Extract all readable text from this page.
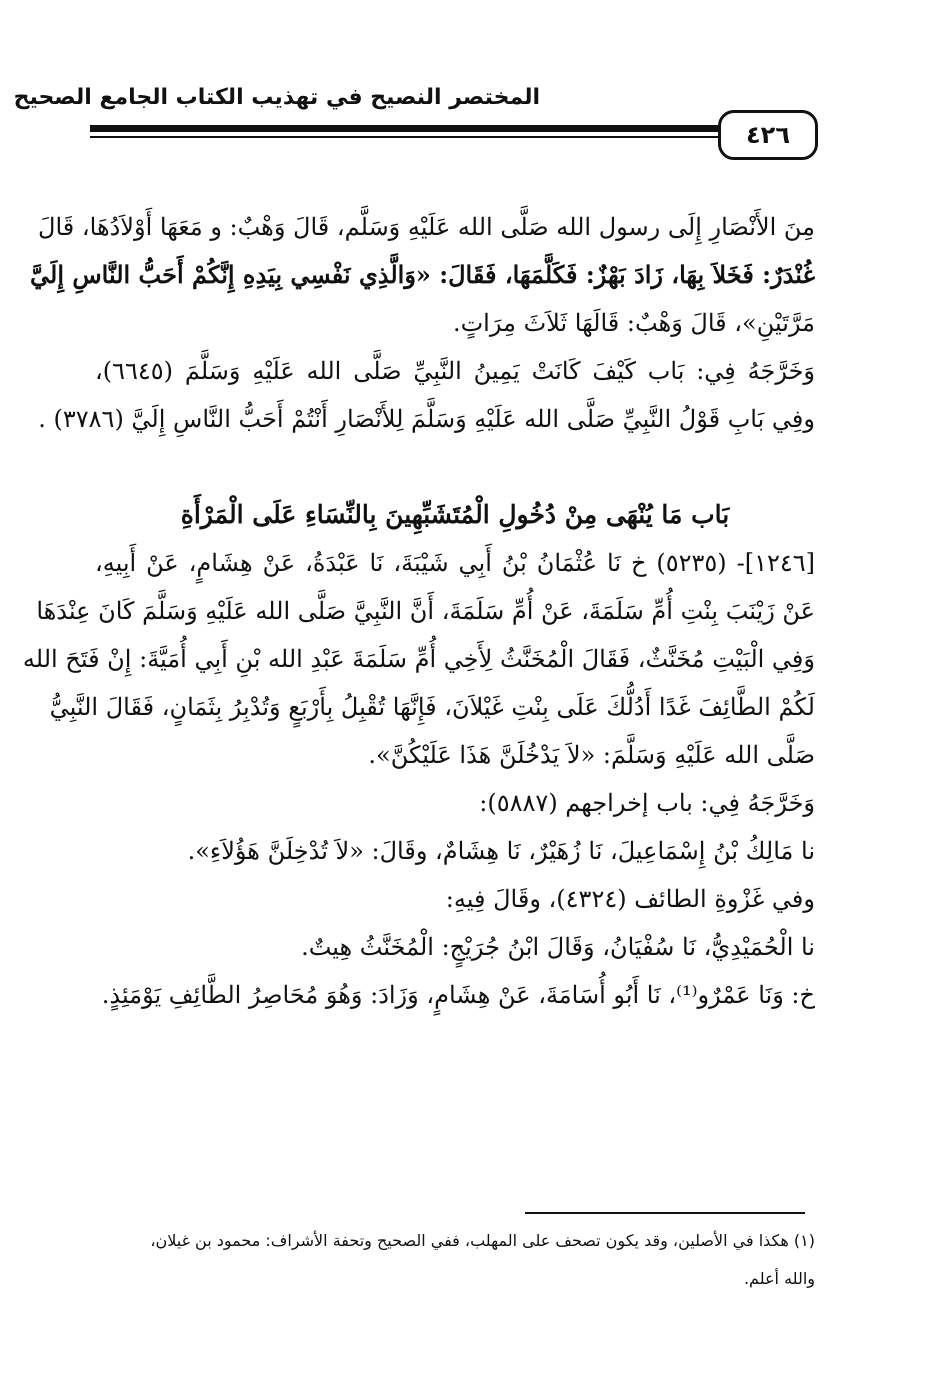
المختصر النصيح في تهذيب الكتاب الجامع الصحيح
٤٢٦
مِنَ الأَنْصَارِ إِلَى رسول الله صَلَّى الله عَلَيْهِ وَسَلَّم، قَالَ وَهْبٌ: و مَعَهَا أَوْلاَدُهَا، قَالَ
غُنْدَرٌ: فَخَلاَ بِهَا، زَادَ بَهْزٌ: فَكَلَّمَهَا، فَقَالَ: «وَالَّذِي نَفْسِي بِيَدِهِ إِنَّكُمْ أَحَبُّ النَّاسِ إِلَيَّ
مَرَّتَيْنِ»، قَالَ وَهْبٌ: قَالَهَا ثَلاَثَ مِرَاتٍ.
وَخَرَّجَهُ فِي: بَاب كَيْفَ كَانَتْ يَمِينُ النَّبِيِّ صَلَّى الله عَلَيْهِ وَسَلَّمَ (٦٦٤٥)،
وفِي بَابِ قَوْلُ النَّبِيِّ صَلَّى الله عَلَيْهِ وَسَلَّمَ لِلأَنْصَارِ أَنْتُمْ أَحَبُّ النَّاسِ إِلَيَّ (٣٧٨٦) .
بَاب مَا يُنْهَى مِنْ دُخُولِ الْمُتَشَبِّهِينَ بِالنِّسَاءِ عَلَى الْمَرْأَةِ
[١٢٤٦]- (٥٢٣٥) خ نَا عُثْمَانُ بْنُ أَبِي شَيْبَةَ، نَا عَبْدَةُ، عَنْ هِشَامٍ، عَنْ أَبِيهِ،
عَنْ زَيْنَبَ بِنْتِ أُمِّ سَلَمَةَ، عَنْ أُمِّ سَلَمَةَ، أَنَّ النَّبِيَّ صَلَّى الله عَلَيْهِ وَسَلَّمَ كَانَ عِنْدَهَا
وَفِي الْبَيْتِ مُخَنَّثٌ، فَقَالَ الْمُخَنَّثُ لِأَخِي أُمِّ سَلَمَةَ عَبْدِ الله بْنِ أَبِي أُمَيَّةَ: إِنْ فَتَحَ الله
لَكُمْ الطَّائِفَ غَدًا أَدُلُّكَ عَلَى بِنْتِ غَيْلاَنَ، فَإِنَّهَا تُقْبِلُ بِأَرْبَعٍ وَتُدْبِرُ بِثَمَانٍ، فَقَالَ النَّبِيُّ
صَلَّى الله عَلَيْهِ وَسَلَّمَ: «لاَ يَدْخُلَنَّ هَذَا عَلَيْكُنَّ».
وَخَرَّجَهُ فِي: باب إخراجهم (٥٨٨٧):
نا مَالِكُ بْنُ إِسْمَاعِيلَ، نَا زُهَيْرٌ، نَا هِشَامٌ، وقَالَ: «لاَ تُدْخِلَنَّ هَؤُلاَءِ».
وفي غَزْوةِ الطائف (٤٣٢٤)، وقَالَ فِيهِ:
نا الْحُمَيْدِيُّ، نَا سُفْيَانُ، وَقَالَ ابْنُ جُرَيْجٍ: الْمُخَنَّثُ هِيتٌ.
خ: وَنَا عَمْرٌو⁽¹⁾، نَا أَبُو أُسَامَةَ، عَنْ هِشَامٍ، وَزَادَ: وَهُوَ مُحَاصِرُ الطَّائِفِ يَوْمَئِذٍ.
(١) هكذا في الأصلين، وقد يكون تصحف على المهلب، ففي الصحيح وتحفة الأشراف: محمود بن غيلان،
والله أعلم.
